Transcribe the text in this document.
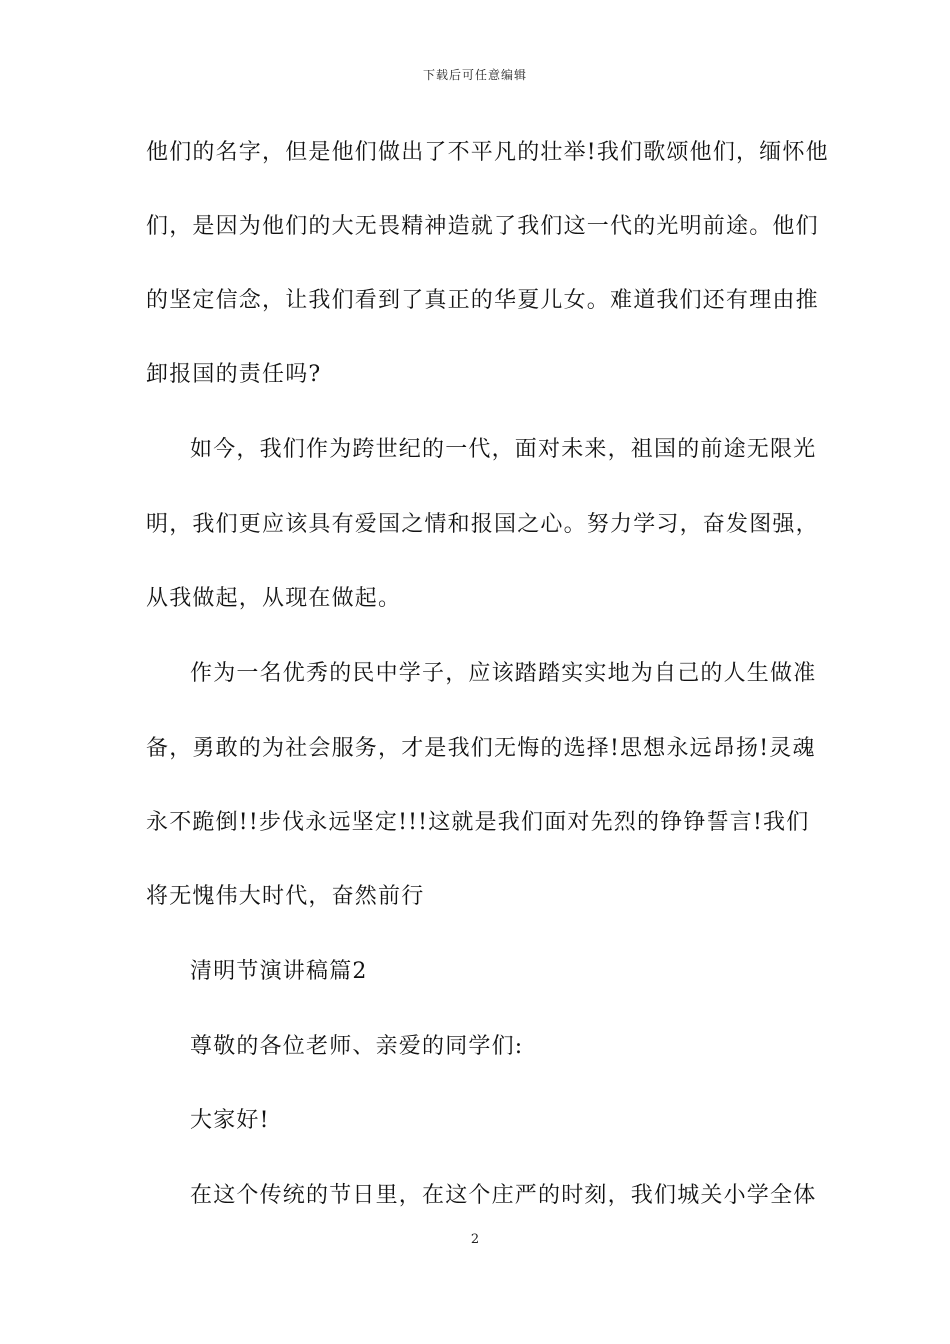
下载后可任意编辑
他们的名字，但是他们做出了不平凡的壮举!我们歌颂他们，缅怀他
们，是因为他们的大无畏精神造就了我们这一代的光明前途。他们
的坚定信念，让我们看到了真正的华夏儿女。难道我们还有理由推
卸报国的责任吗?
如今，我们作为跨世纪的一代，面对未来，祖国的前途无限光
明，我们更应该具有爱国之情和报国之心。努力学习，奋发图强，
从我做起，从现在做起。
作为一名优秀的民中学子，应该踏踏实实地为自己的人生做准
备，勇敢的为社会服务，才是我们无悔的选择!思想永远昂扬!灵魂
永不跪倒!!步伐永远坚定!!!这就是我们面对先烈的铮铮誓言!我们
将无愧伟大时代，奋然前行
清明节演讲稿篇2
尊敬的各位老师、亲爱的同学们:
大家好!
在这个传统的节日里，在这个庄严的时刻，我们城关小学全体
2
